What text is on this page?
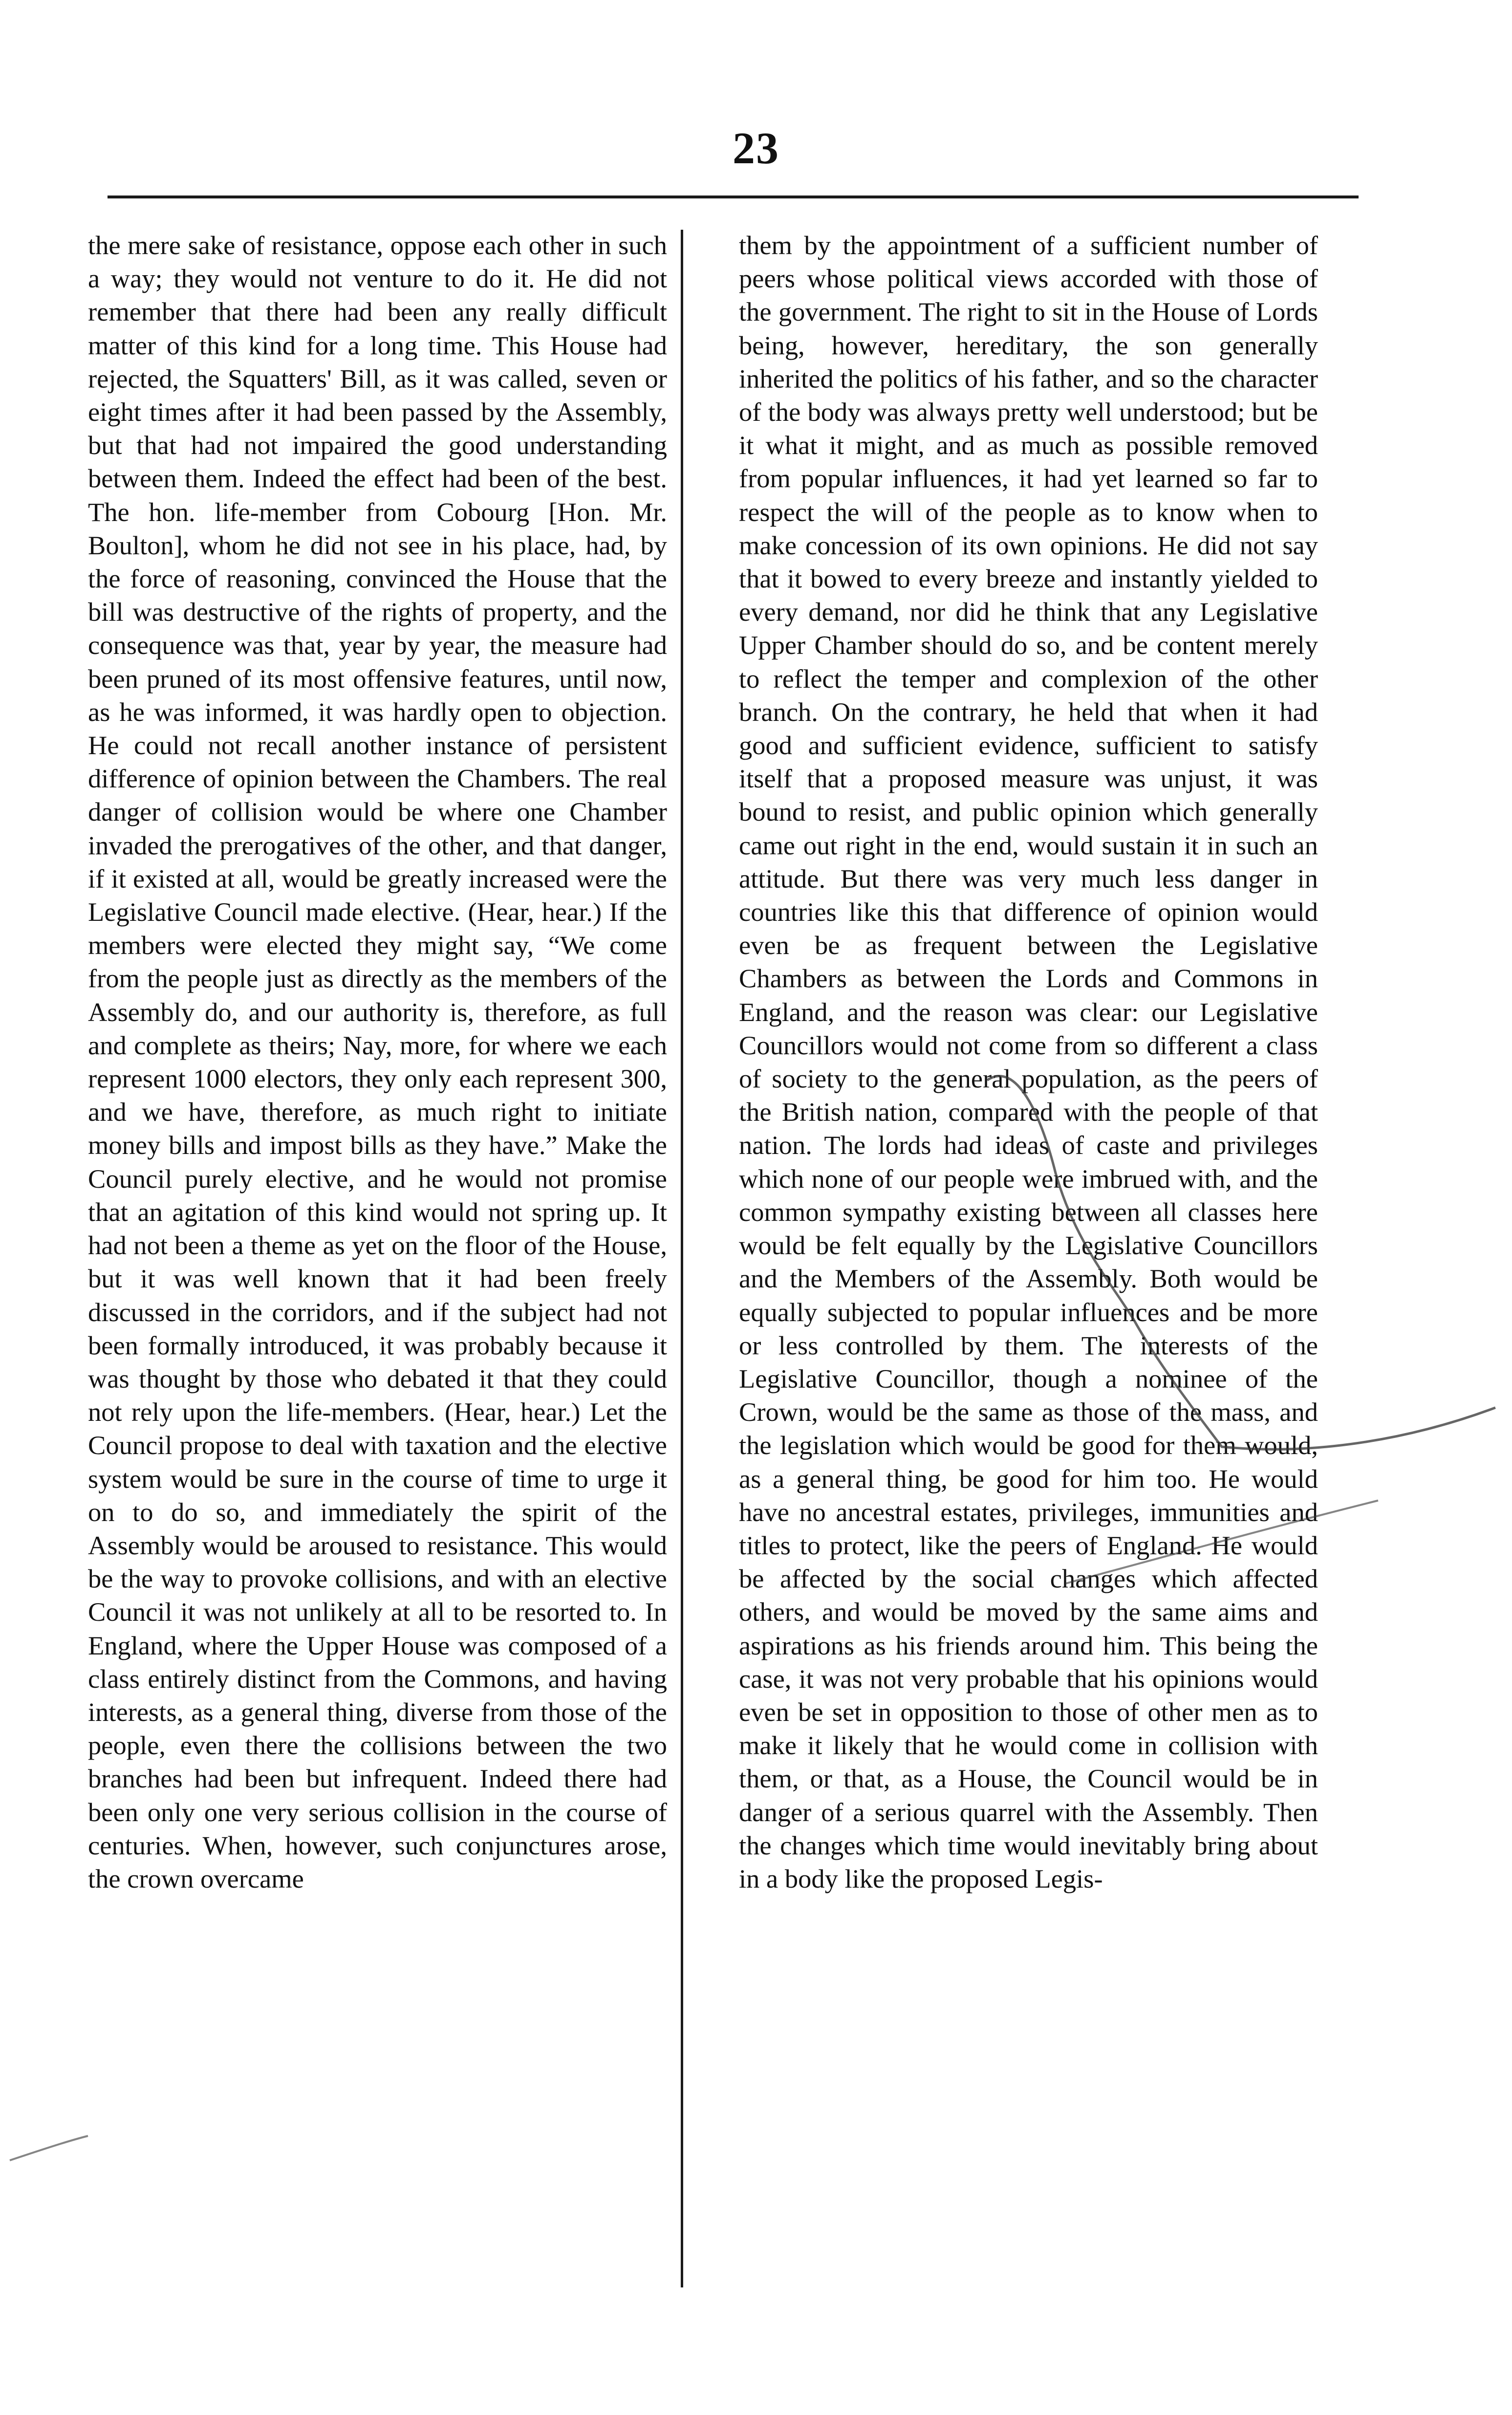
23

the mere sake of resistance, oppose each other in such a way; they would not venture to do it. He did not remember that there had been any really difficult matter of this kind for a long time. This House had rejected, the Squatters' Bill, as it was called, seven or eight times after it had been passed by the Assembly, but that had not impaired the good understanding between them. Indeed the effect had been of the best. The hon. life-member from Cobourg [Hon. Mr. Boulton], whom he did not see in his place, had, by the force of reasoning, convinced the House that the bill was destructive of the rights of property, and the consequence was that, year by year, the measure had been pruned of its most offensive features, until now, as he was informed, it was hardly open to objection. He could not recall another instance of persistent difference of opinion between the Chambers. The real danger of collision would be where one Chamber invaded the prerogatives of the other, and that danger, if it existed at all, would be greatly increased were the Legislative Council made elective. (Hear, hear.) If the members were elected they might say, “We come from the people just as directly as the members of the Assembly do, and our authority is, therefore, as full and complete as theirs; Nay, more, for where we each represent 1000 electors, they only each represent 300, and we have, therefore, as much right to initiate money bills and impost bills as they have.” Make the Council purely elective, and he would not promise that an agitation of this kind would not spring up. It had not been a theme as yet on the floor of the House, but it was well known that it had been freely discussed in the corridors, and if the subject had not been formally introduced, it was probably because it was thought by those who debated it that they could not rely upon the life-members. (Hear, hear.) Let the Council propose to deal with taxation and the elective system would be sure in the course of time to urge it on to do so, and immediately the spirit of the Assembly would be aroused to resistance. This would be the way to provoke collisions, and with an elective Council it was not unlikely at all to be resorted to. In England, where the Upper House was composed of a class entirely distinct from the Commons, and having interests, as a general thing, diverse from those of the people, even there the collisions between the two branches had been but infrequent. Indeed there had been only one very serious collision in the course of centuries. When, however, such conjunctures arose, the crown overcame

them by the appointment of a sufficient number of peers whose political views accorded with those of the government. The right to sit in the House of Lords being, however, hereditary, the son generally inherited the politics of his father, and so the character of the body was always pretty well understood; but be it what it might, and as much as possible removed from popular influences, it had yet learned so far to respect the will of the people as to know when to make concession of its own opinions. He did not say that it bowed to every breeze and instantly yielded to every demand, nor did he think that any Legislative Upper Chamber should do so, and be content merely to reflect the temper and complexion of the other branch. On the contrary, he held that when it had good and sufficient evidence, sufficient to satisfy itself that a proposed measure was unjust, it was bound to resist, and public opinion which generally came out right in the end, would sustain it in such an attitude. But there was very much less danger in countries like this that difference of opinion would even be as frequent between the Legislative Chambers as between the Lords and Commons in England, and the reason was clear: our Legislative Councillors would not come from so different a class of society to the general population, as the peers of the British nation, compared with the people of that nation. The lords had ideas of caste and privileges which none of our people were imbrued with, and the common sympathy existing between all classes here would be felt equally by the Legislative Councillors and the Members of the Assembly. Both would be equally subjected to popular influences and be more or less controlled by them. The interests of the Legislative Councillor, though a nominee of the Crown, would be the same as those of the mass, and the legislation which would be good for them would, as a general thing, be good for him too. He would have no ancestral estates, privileges, immunities and titles to protect, like the peers of England. He would be affected by the social changes which affected others, and would be moved by the same aims and aspirations as his friends around him. This being the case, it was not very probable that his opinions would even be set in opposition to those of other men as to make it likely that he would come in collision with them, or that, as a House, the Council would be in danger of a serious quarrel with the Assembly. Then the changes which time would inevitably bring about in a body like the proposed Legis-
